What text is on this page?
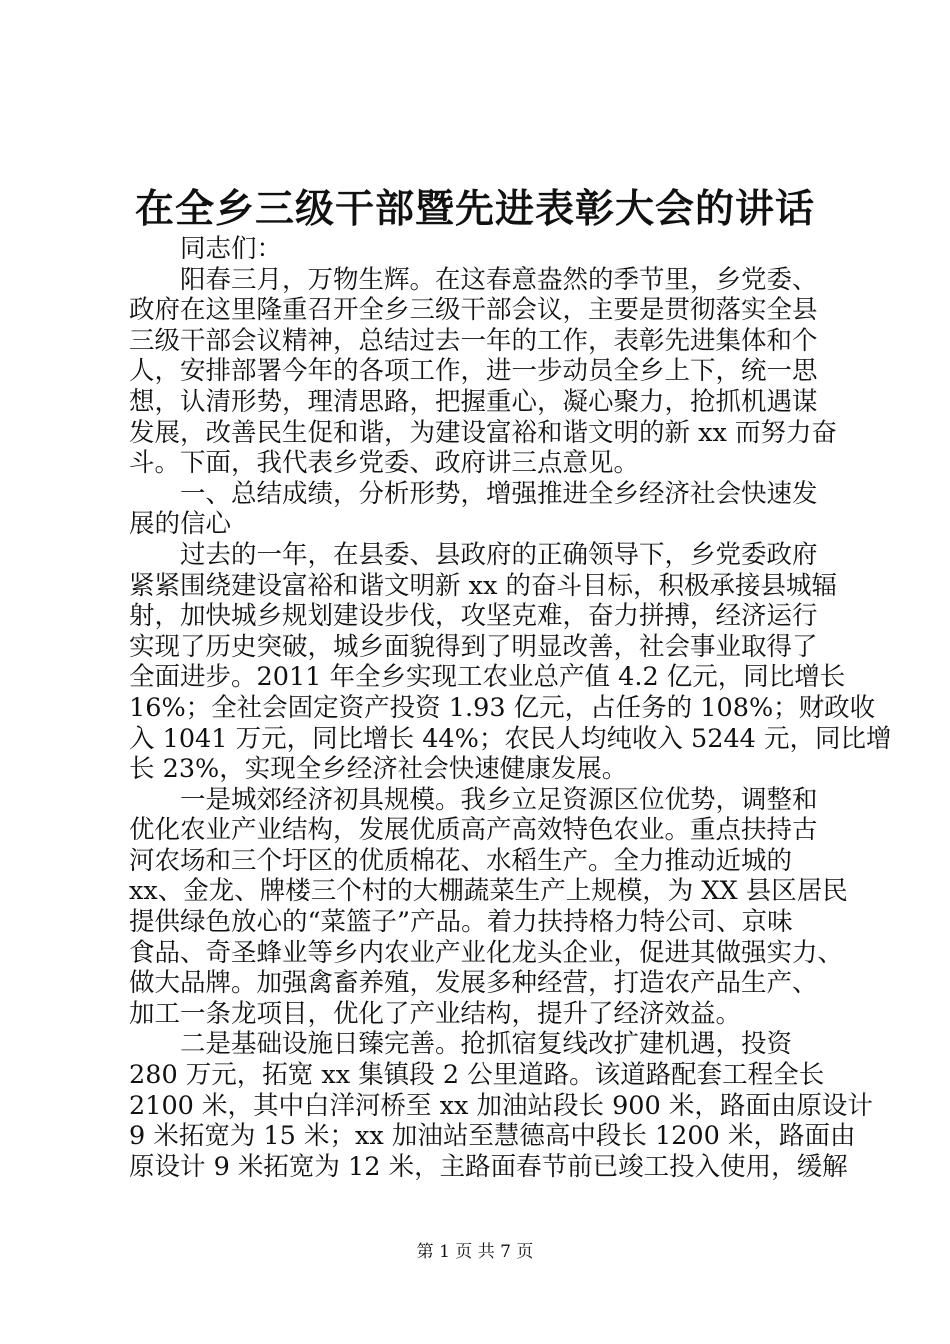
在全乡三级干部暨先进表彰大会的讲话
　　同志们：
　　阳春三月，万物生辉。在这春意盎然的季节里，乡党委、
政府在这里隆重召开全乡三级干部会议，主要是贯彻落实全县
三级干部会议精神，总结过去一年的工作，表彰先进集体和个
人，安排部署今年的各项工作，进一步动员全乡上下，统一思
想，认清形势，理清思路，把握重心，凝心聚力，抢抓机遇谋
发展，改善民生促和谐，为建设富裕和谐文明的新 xx 而努力奋
斗。下面，我代表乡党委、政府讲三点意见。
　　一、总结成绩，分析形势，增强推进全乡经济社会快速发
展的信心
　　过去的一年，在县委、县政府的正确领导下，乡党委政府
紧紧围绕建设富裕和谐文明新 xx 的奋斗目标，积极承接县城辐
射，加快城乡规划建设步伐，攻坚克难，奋力拼搏，经济运行
实现了历史突破，城乡面貌得到了明显改善，社会事业取得了
全面进步。2011 年全乡实现工农业总产值 4.2 亿元，同比增长
16%；全社会固定资产投资 1.93 亿元，占任务的 108%；财政收
入 1041 万元，同比增长 44%；农民人均纯收入 5244 元，同比增
长 23%，实现全乡经济社会快速健康发展。
　　一是城郊经济初具规模。我乡立足资源区位优势，调整和
优化农业产业结构，发展优质高产高效特色农业。重点扶持古
河农场和三个圩区的优质棉花、水稻生产。全力推动近城的
xx、金龙、牌楼三个村的大棚蔬菜生产上规模，为 XX 县区居民
提供绿色放心的“菜篮子”产品。着力扶持格力特公司、京味
食品、奇圣蜂业等乡内农业产业化龙头企业，促进其做强实力、
做大品牌。加强禽畜养殖，发展多种经营，打造农产品生产、
加工一条龙项目，优化了产业结构，提升了经济效益。
　　二是基础设施日臻完善。抢抓宿复线改扩建机遇，投资
280 万元，拓宽 xx 集镇段 2 公里道路。该道路配套工程全长
2100 米，其中白洋河桥至 xx 加油站段长 900 米，路面由原设计
9 米拓宽为 15 米；xx 加油站至慧德高中段长 1200 米，路面由
原设计 9 米拓宽为 12 米，主路面春节前已竣工投入使用，缓解
第 1 页 共 7 页
